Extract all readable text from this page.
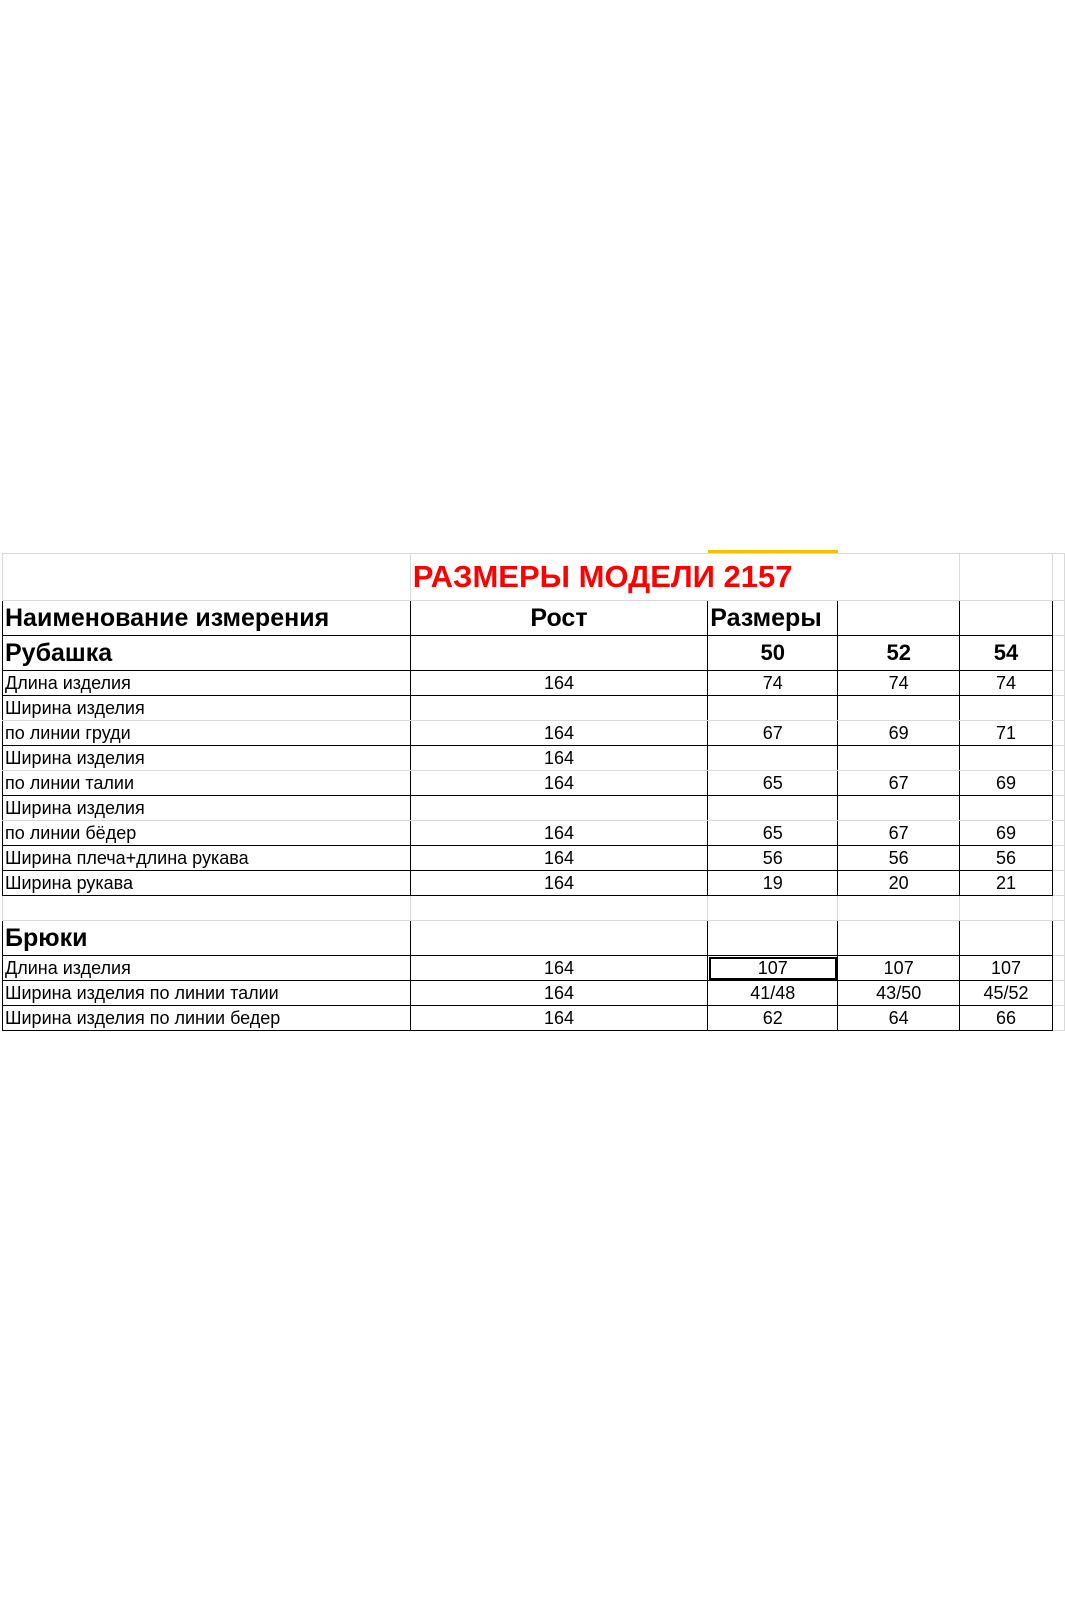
	РАЗМЕРЫ МОДЕЛИ 2157				
Наименование измерения	Рост	Размеры			
Рубашка		50	52	54	
Длина изделия	164	74	74	74	
Ширина изделия					
по линии груди	164	67	69	71	
Ширина изделия	164				
по линии талии	164	65	67	69	
Ширина изделия					
по линии бёдер	164	65	67	69	
Ширина плеча+длина рукава	164	56	56	56	
Ширина рукава	164	19	20	21	

Брюки					
Длина изделия	164	107	107	107	
Ширина изделия по линии талии	164	41/48	43/50	45/52	
Ширина изделия по линии бедер	164	62	64	66	
